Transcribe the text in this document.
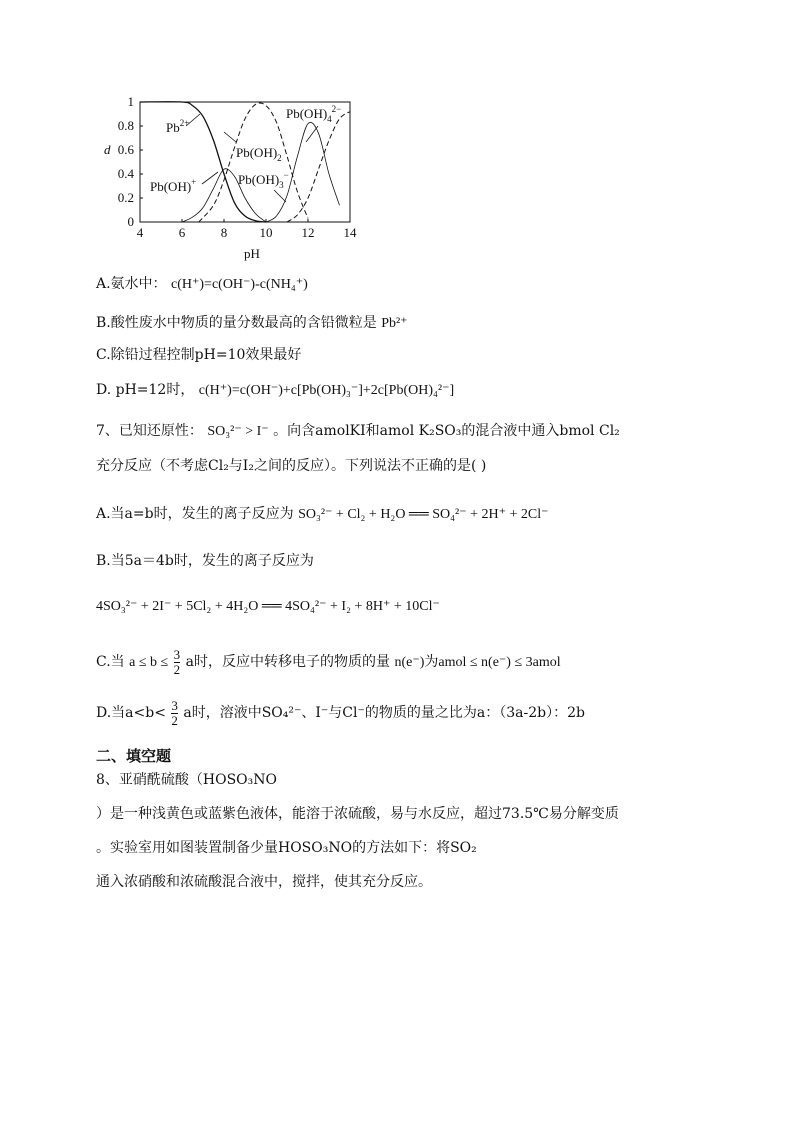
4	6	8 10 12 14
0
0.2
0.4
0.6
0.8
1
$Pb^{2+}$
Pb(OH)+
$Pb(OH)_2$
$Pb(OH)_3^-$
$Pb(OH)_4^{2-}$
d
pH
A.氨水中： c(H⁺)=c(OH⁻)-c(NH₄⁺)
B.酸性废水中物质的量分数最高的含铅微粒是 Pb²⁺
C.除铅过程控制pH=10效果最好
D. pH=12时， c(H⁺)=c(OH⁻)+c[Pb(OH)₃⁻]+2c[Pb(OH)₄²⁻]
7、已知还原性： SO₃²⁻ > I⁻ 。向含amolKI和amol K₂SO₃的混合液中通入bmol Cl₂
充分反应（不考虑Cl₂与I₂之间的反应）。下列说法不正确的是( )
A.当a=b时，发生的离子反应为 SO₃²⁻ + Cl₂ + H₂O ══ SO₄²⁻ + 2H⁺ + 2Cl⁻
B.当5a＝4b时，发生的离子反应为
4SO₃²⁻ + 2I⁻ + 5Cl₂ + 4H₂O ══ 4SO₄²⁻ + I₂ + 8H⁺ + 10Cl⁻
C.当 $a \le b \le \frac{3}{2}$ a时，反应中转移电子的物质的量 n(e⁻)为amol ≤ n(e⁻) ≤ 3amol
D.当$a<b< \frac{3}{2}$ a时，溶液中SO₄²⁻、I⁻与Cl⁻的物质的量之比为a：（3a-2b）：2b
二、填空题
8、亚硝酰硫酸（HOSO₃NO
）是一种浅黄色或蓝紫色液体，能溶于浓硫酸，易与水反应，超过73.5℃易分解变质
。实验室用如图装置制备少量HOSO₃NO的方法如下：将SO₂
通入浓硝酸和浓硫酸混合液中，搅拌，使其充分反应。
